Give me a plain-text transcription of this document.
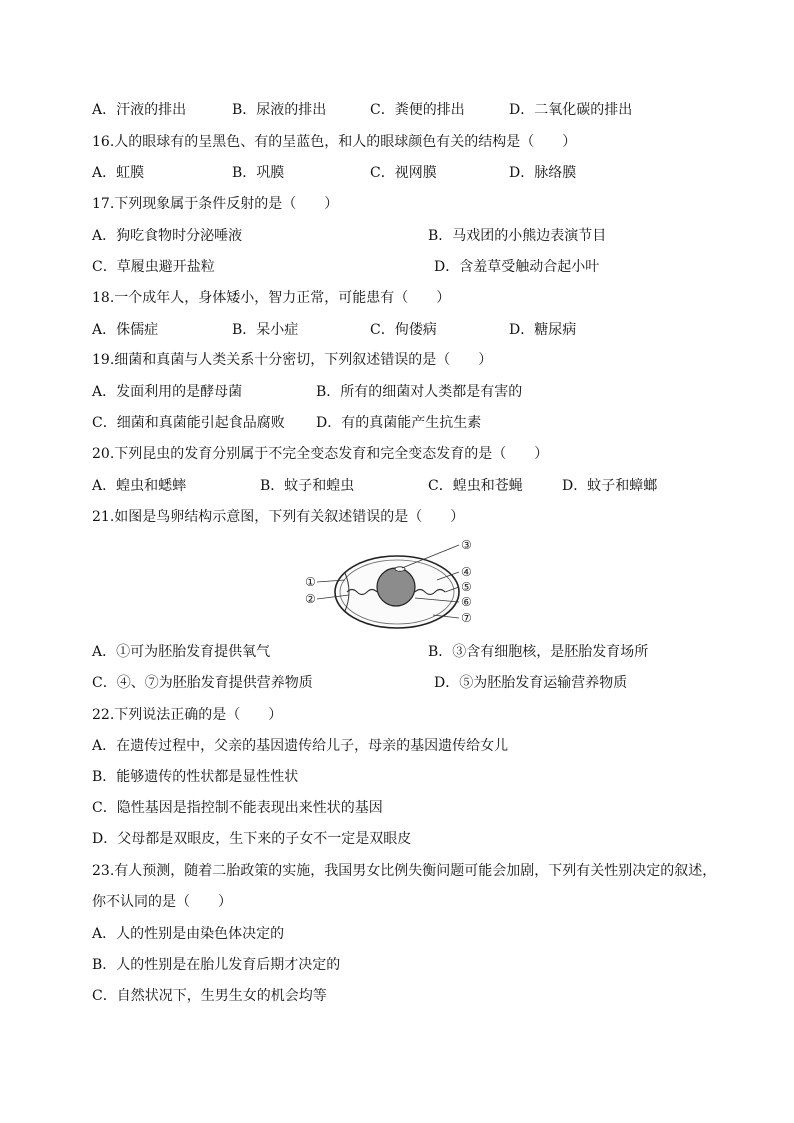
A．汗液的排出	B．尿液的排出	C．粪便的排出	D．二氧化碳的排出
16.人的眼球有的呈黑色、有的呈蓝色，和人的眼球颜色有关的结构是（　　）
A．虹膜	B．巩膜	C．视网膜	D．脉络膜
17.下列现象属于条件反射的是（　　）
A．狗吃食物时分泌唾液	B．马戏团的小熊边表演节目
C．草履虫避开盐粒	D．含羞草受触动合起小叶
18.一个成年人，身体矮小，智力正常，可能患有（　　）
A．侏儒症	B．呆小症	C．佝偻病	D．糖尿病
19.细菌和真菌与人类关系十分密切，下列叙述错误的是（　　）
A．发面利用的是酵母菌	B．所有的细菌对人类都是有害的
C．细菌和真菌能引起食品腐败 D．有的真菌能产生抗生素
20.下列昆虫的发育分别属于不完全变态发育和完全变态发育的是（　　）
A．蝗虫和蟋蟀	B．蚊子和蝗虫	C．蝗虫和苍蝇	D．蚊子和蟑螂
21.如图是鸟卵结构示意图，下列有关叙述错误的是（　　）
①
②
③
④
⑤
⑥
⑦
A．①可为胚胎发育提供氧气	B．③含有细胞核，是胚胎发育场所
C．④、⑦为胚胎发育提供营养物质	D．⑤为胚胎发育运输营养物质
22.下列说法正确的是（　　）
A．在遗传过程中，父亲的基因遗传给儿子，母亲的基因遗传给女儿
B．能够遗传的性状都是显性性状
C．隐性基因是指控制不能表现出来性状的基因
D．父母都是双眼皮，生下来的子女不一定是双眼皮
23.有人预测，随着二胎政策的实施，我国男女比例失衡问题可能会加剧，下列有关性别决定的叙述，
你不认同的是（　　）
A．人的性别是由染色体决定的
B．人的性别是在胎儿发育后期才决定的
C．自然状况下，生男生女的机会均等
